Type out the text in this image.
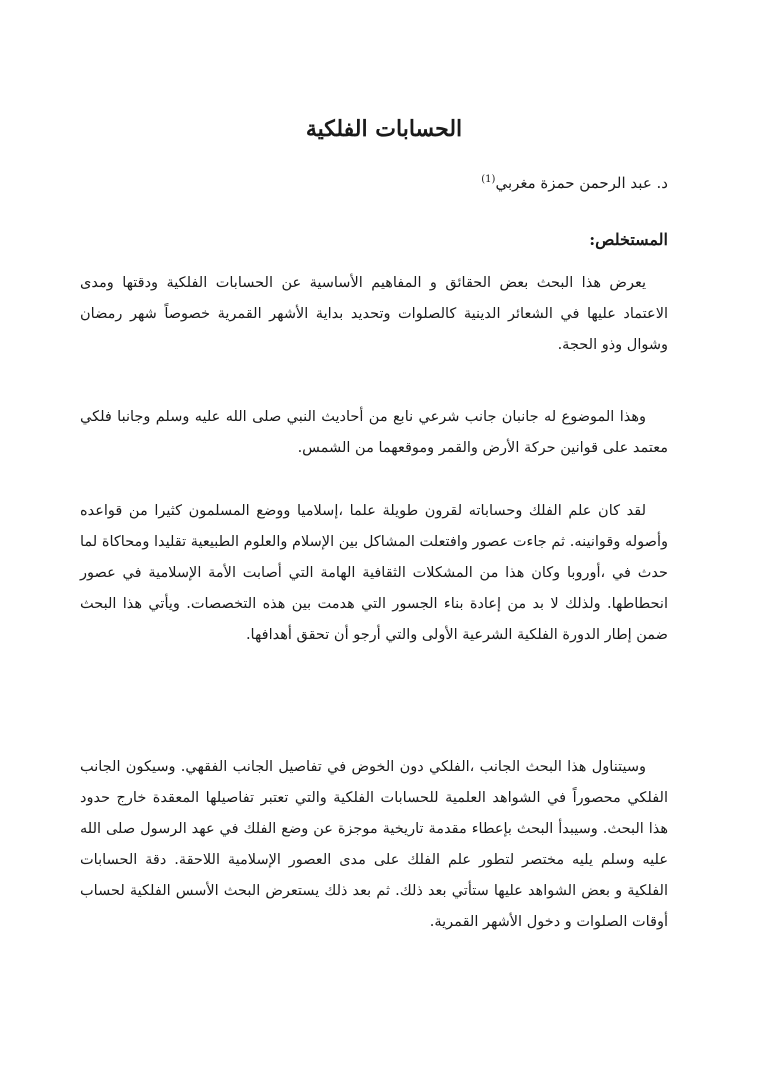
الحسابات الفلكية
د. عبد الرحمن حمزة مغربي$^{(1)}$
المستخلص:

يعرض هذا البحث بعض الحقائق و المفاهيم الأساسية عن الحسابات الفلكية ودقتها ومدى الاعتماد عليها في الشعائر الدينية كالصلوات وتحديد بداية الأشهر القمرية خصوصاً شهر رمضان وشوال وذو الحجة.

وهذا الموضوع له جانبان جانب شرعي نابع من أحاديث النبي صلى الله عليه وسلم وجانبا فلكي معتمد على قوانين حركة الأرض والقمر وموقعهما من الشمس.

لقد كان علم الفلك وحساباته لقرون طويلة علما ،إسلاميا ووضع المسلمون كثيرا من قواعده وأصوله وقوانينه. ثم جاءت عصور وافتعلت المشاكل بين الإسلام والعلوم الطبيعية تقليدا ومحاكاة لما حدث في ،أوروبا وكان هذا من المشكلات الثقافية الهامة التي أصابت الأمة الإسلامية في عصور انحطاطها. ولذلك لا بد من إعادة بناء الجسور التي هدمت بين هذه التخصصات. ويأتي هذا البحث ضمن إطار الدورة الفلكية الشرعية الأولى والتي أرجو أن تحقق أهدافها.

وسيتناول هذا البحث الجانب ،الفلكي دون الخوض في تفاصيل الجانب الفقهي. وسيكون الجانب الفلكي محصوراً في الشواهد العلمية للحسابات الفلكية والتي تعتبر تفاصيلها المعقدة خارج حدود هذا البحث. وسيبدأ البحث بإعطاء مقدمة تاريخية موجزة عن وضع الفلك في عهد الرسول صلى الله عليه وسلم يليه مختصر لتطور علم الفلك على مدى العصور الإسلامية اللاحقة. دقة الحسابات الفلكية و بعض الشواهد عليها ستأتي بعد ذلك. ثم بعد ذلك يستعرض البحث الأسس الفلكية لحساب أوقات الصلوات و دخول الأشهر القمرية.
